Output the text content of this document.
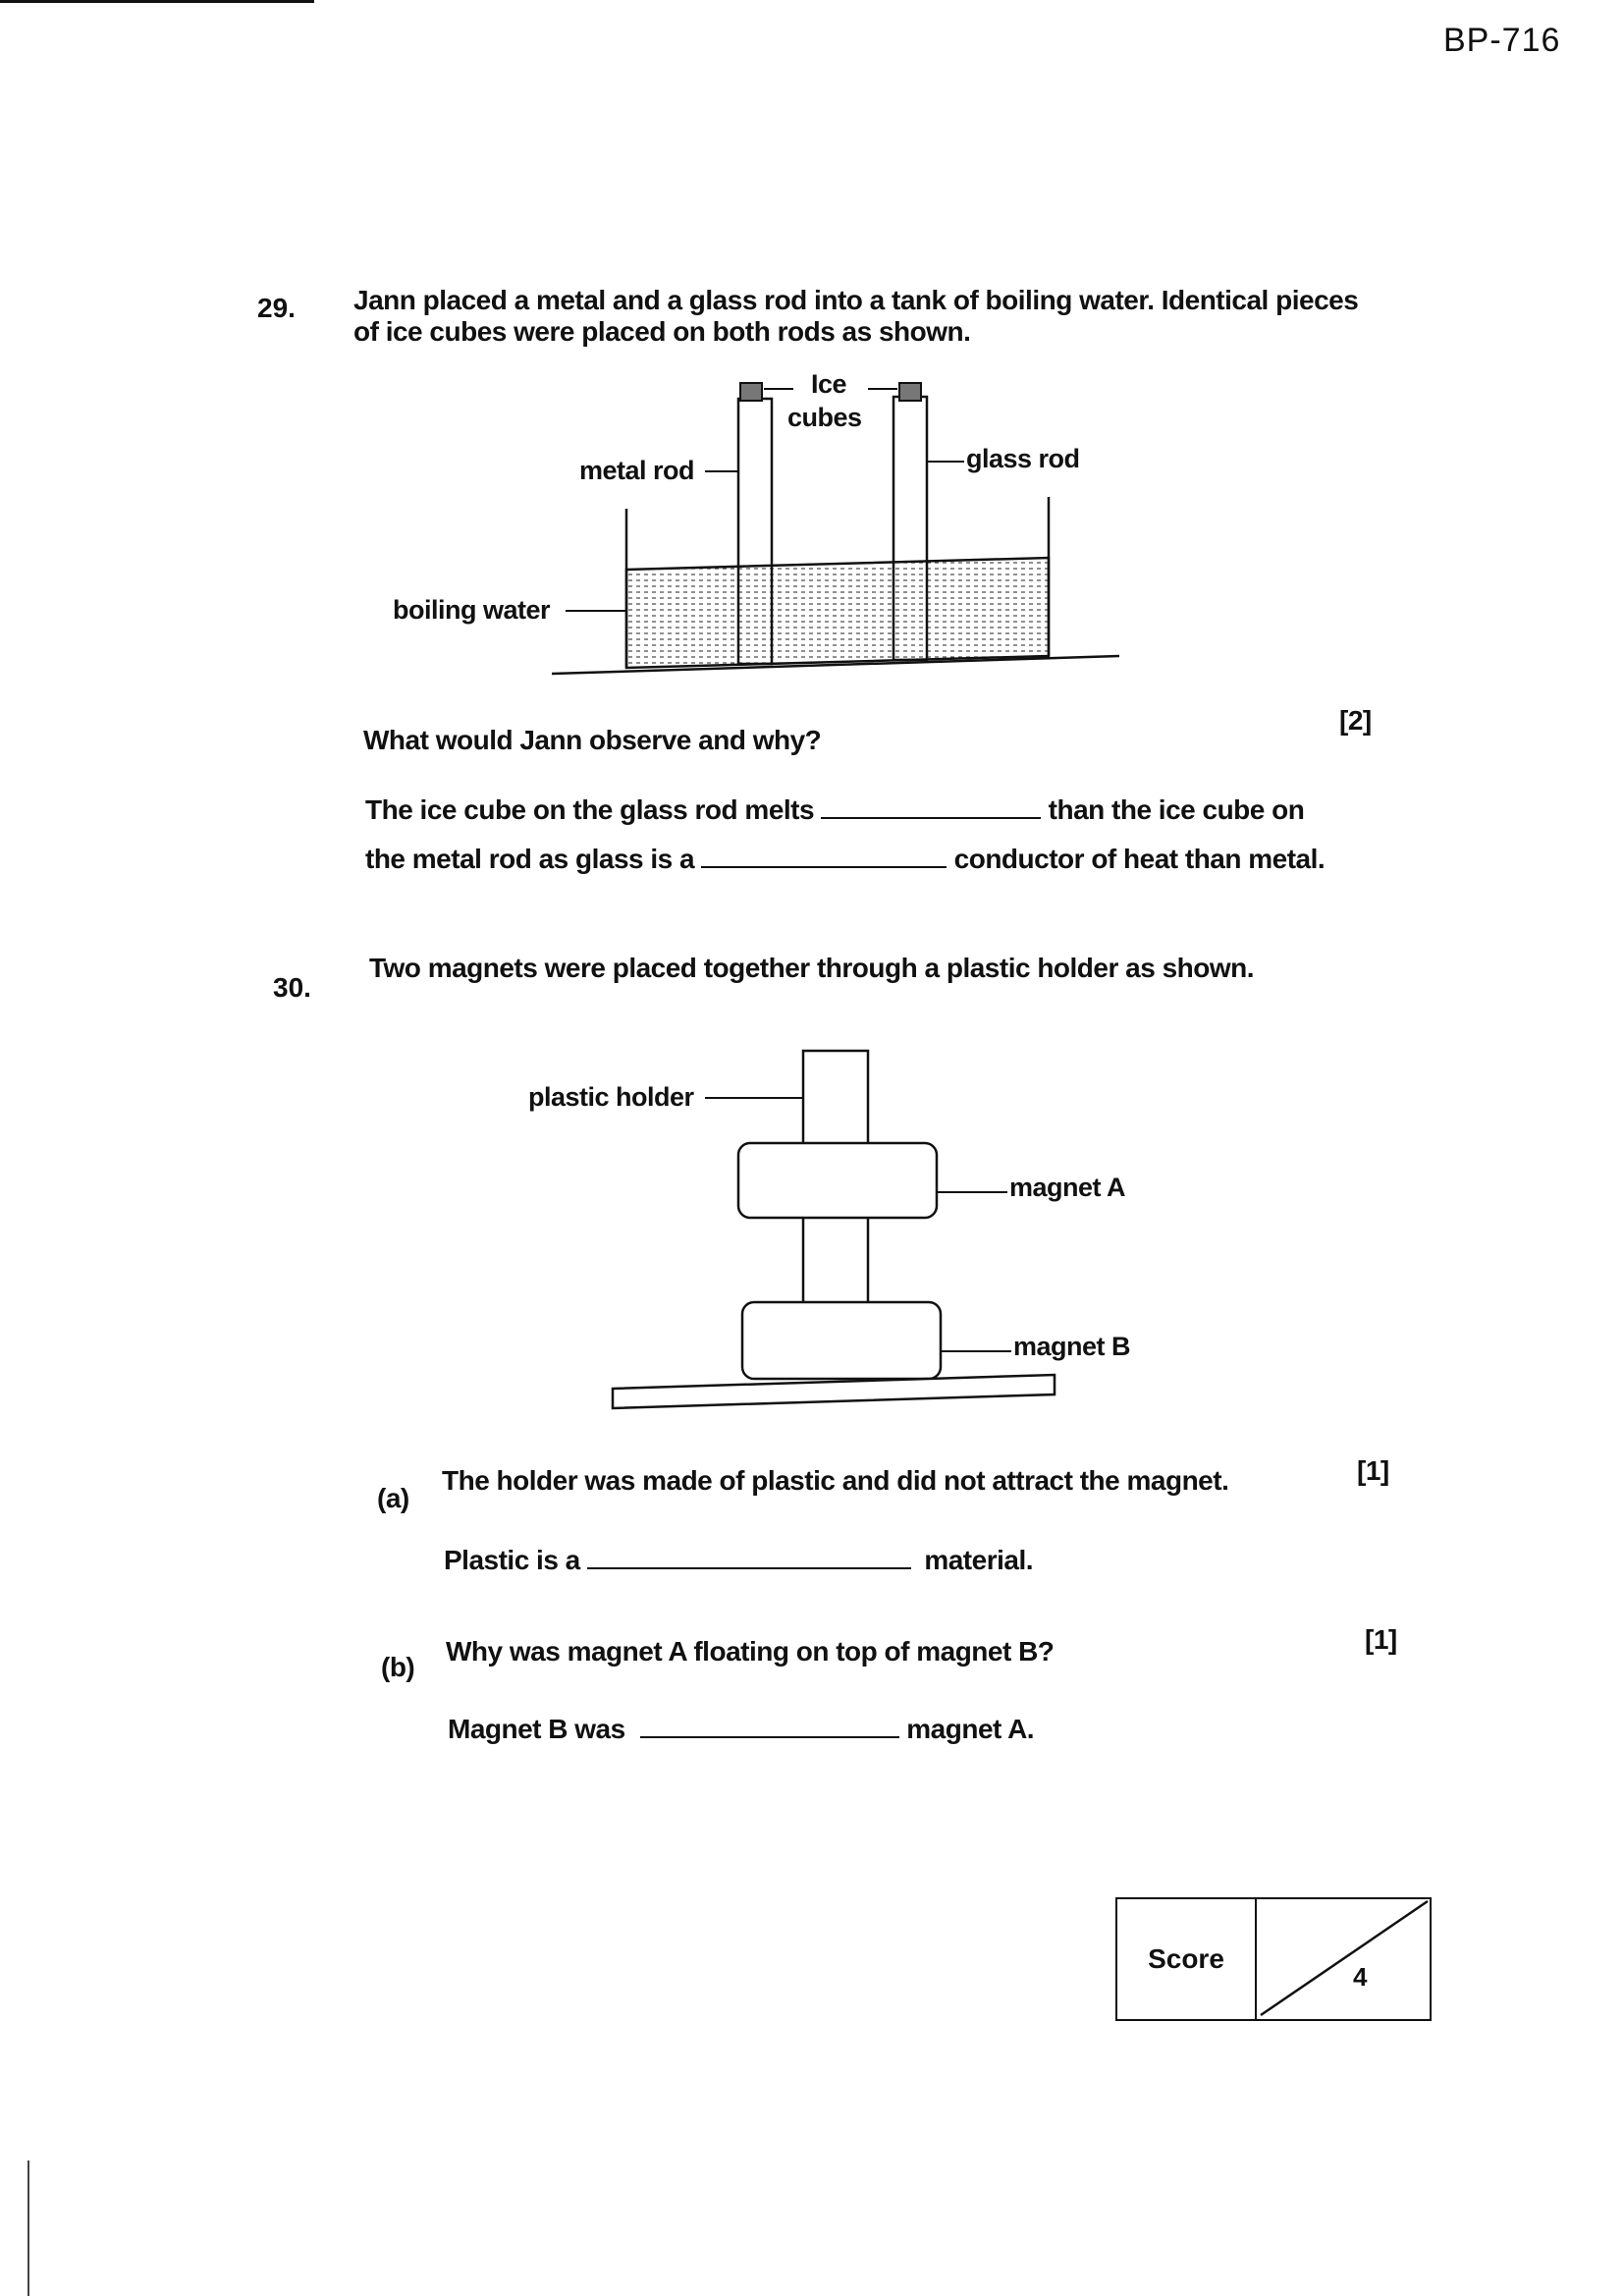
BP-716
29. Jann placed a metal and a glass rod into a tank of boiling water. Identical pieces
of ice cubes were placed on both rods as shown.
Ice
cubes
metal rod	glass rod
boiling water
What would Jann observe and why?
[2]
The ice cube on the glass rod melts	than the ice cube on
the metal rod as glass is a	conductor of heat than metal.
30.
Two magnets were placed together through a plastic holder as shown.
plastic holder
magnet A
magnet B
(a)
The holder was made of plastic and did not attract the magnet.	[1]
Plastic is a	material.
(b)
Why was magnet A floating on top of magnet B?	[1]
Magnet B was	magnet A.
Score
4
